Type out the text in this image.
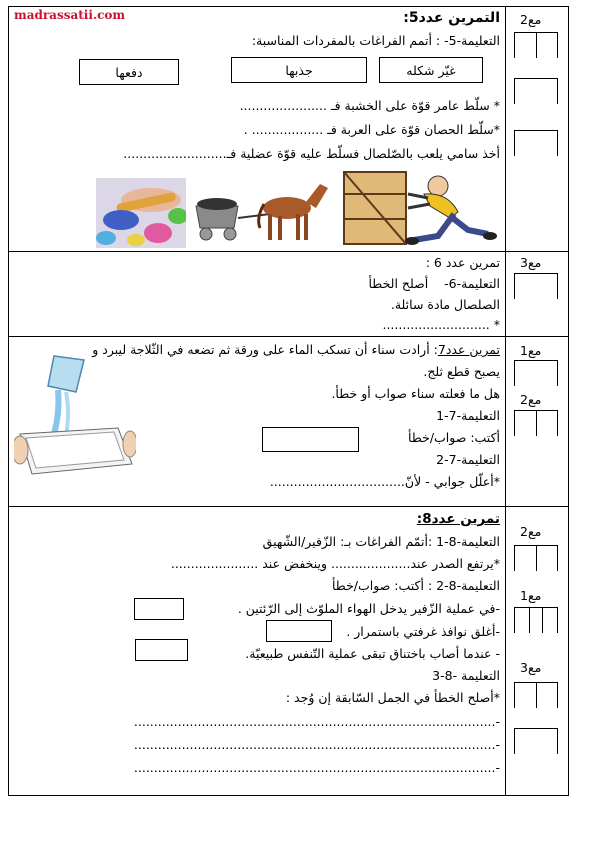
madrassatii.com	مع2
التمرين عدد5:
التعليمة-5- : أتمم الفراغات بالمفردات المناسبة:
غيّر شكله
جذبها
دفعها
* سلّط عامر قوّة على الخشبة فـ ......................
*سلّط الحصان قوّة على العربة فـ .................. .
أخذ سامي يلعب بالصّلصال فسلّط عليه قوّة عضلية فـ..........................
مع3
تمرين عدد 6 :
التعليمة-6-    أصلح الخطأ
الصلصال مادة سائلة.
* ...........................
مع1
مع2
تمرين عدد7: أرادت سناء أن تسكب الماء على ورقة ثم تضعه في الثّلاجة ليبرد و
يصبح قطع ثلج.
هل ما فعلته سناء صواب أو خطأ.
التعليمة-7-1
أكتب: صواب/خطأ
التعليمة-7-2
*أعلّل جوابي - لأنّ..................................
مع2
مع1
مع3
تمرين عدد8:
التعليمة-8-1 :أتمّم الفراغات بـ: الزّفير/الشّهيق
*يرتفع الصدر عند.................... وينخفض عند ......................
التعليمة-8-2 : أكتب: صواب/خطأ
-في عملية الزّفير يدخل الهواء الملوّث إلى الرّئتين .
-أغلق نوافذ غرفتي باستمرار .
- عندما أصاب باختناق تبقى عملية التّنفس طبيعيّة.
التعليمة -8-3
*أصلح الخطأ في الجمل السّابقة إن وُجد :
-...........................................................................................
-...........................................................................................
-...........................................................................................
